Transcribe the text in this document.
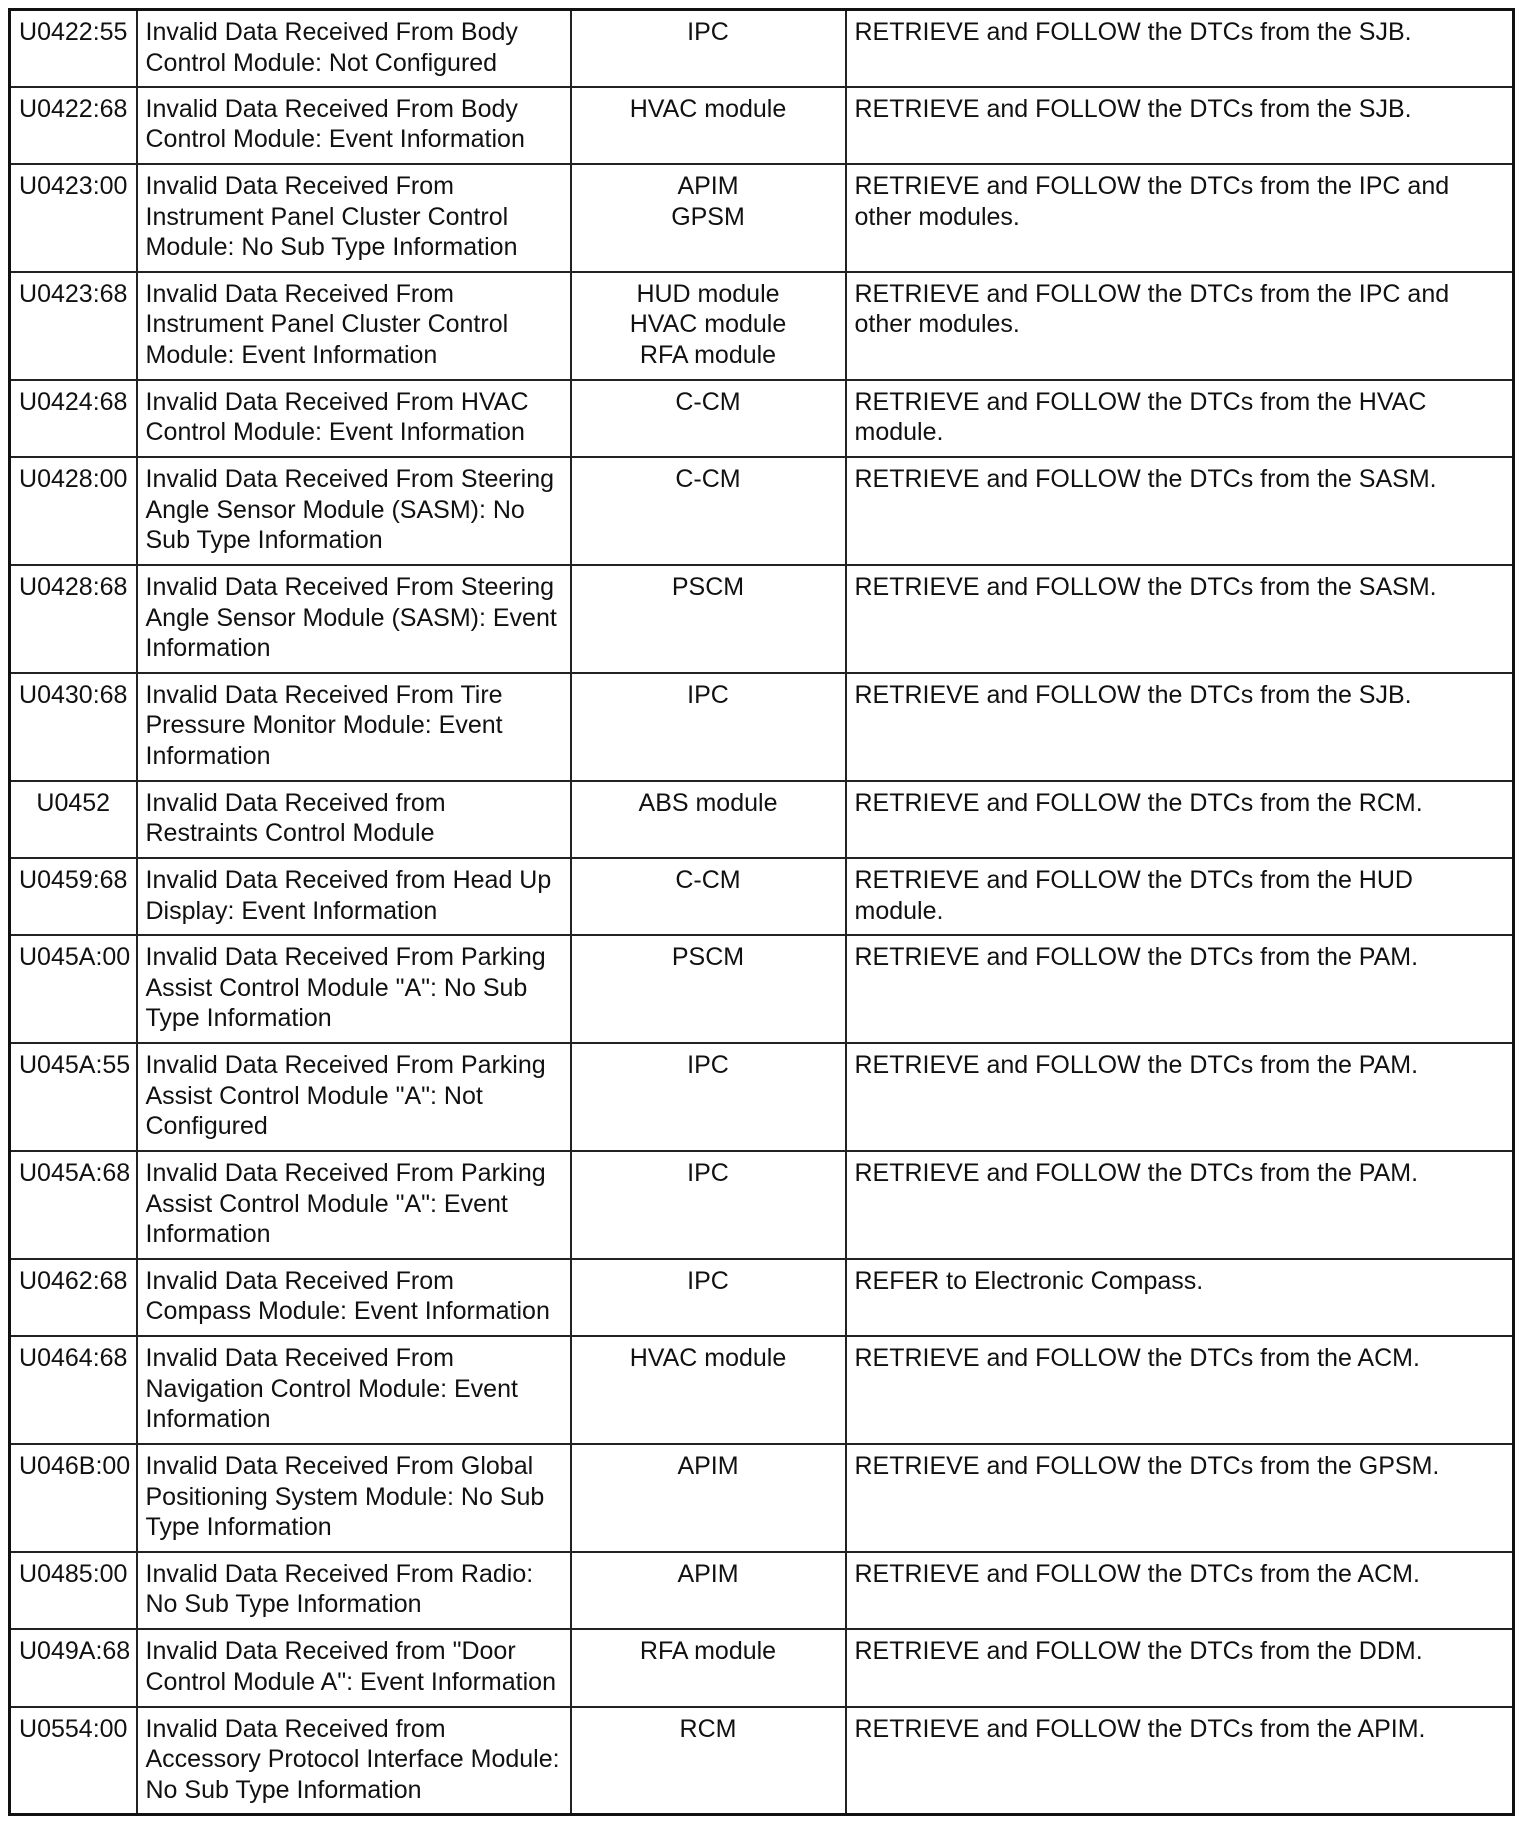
U0422:55	Invalid Data Received From Body
Control Module: Not Configured	IPC	RETRIEVE and FOLLOW the DTCs from the SJB.

U0422:68	Invalid Data Received From Body
Control Module: Event Information	HVAC module	RETRIEVE and FOLLOW the DTCs from the SJB.

U0423:00	Invalid Data Received From
Instrument Panel Cluster Control
Module: No Sub Type Information	APIM
GPSM	RETRIEVE and FOLLOW the DTCs from the IPC and
other modules.

U0423:68	Invalid Data Received From
Instrument Panel Cluster Control
Module: Event Information	HUD module
HVAC module
RFA module	RETRIEVE and FOLLOW the DTCs from the IPC and
other modules.

U0424:68	Invalid Data Received From HVAC
Control Module: Event Information	C-CM	RETRIEVE and FOLLOW the DTCs from the HVAC
module.

U0428:00	Invalid Data Received From Steering
Angle Sensor Module (SASM): No
Sub Type Information	C-CM	RETRIEVE and FOLLOW the DTCs from the SASM.

U0428:68	Invalid Data Received From Steering
Angle Sensor Module (SASM): Event
Information	PSCM	RETRIEVE and FOLLOW the DTCs from the SASM.

U0430:68	Invalid Data Received From Tire
Pressure Monitor Module: Event
Information	IPC	RETRIEVE and FOLLOW the DTCs from the SJB.

U0452	Invalid Data Received from
Restraints Control Module	ABS module	RETRIEVE and FOLLOW the DTCs from the RCM.

U0459:68	Invalid Data Received from Head Up
Display: Event Information	C-CM	RETRIEVE and FOLLOW the DTCs from the HUD
module.

U045A:00	Invalid Data Received From Parking
Assist Control Module "A": No Sub
Type Information	PSCM	RETRIEVE and FOLLOW the DTCs from the PAM.

U045A:55	Invalid Data Received From Parking
Assist Control Module "A": Not
Configured	IPC	RETRIEVE and FOLLOW the DTCs from the PAM.

U045A:68	Invalid Data Received From Parking
Assist Control Module "A": Event
Information	IPC	RETRIEVE and FOLLOW the DTCs from the PAM.

U0462:68	Invalid Data Received From
Compass Module: Event Information	IPC	REFER to Electronic Compass.

U0464:68	Invalid Data Received From
Navigation Control Module: Event
Information	HVAC module	RETRIEVE and FOLLOW the DTCs from the ACM.

U046B:00	Invalid Data Received From Global
Positioning System Module: No Sub
Type Information	APIM	RETRIEVE and FOLLOW the DTCs from the GPSM.

U0485:00	Invalid Data Received From Radio:
No Sub Type Information	APIM	RETRIEVE and FOLLOW the DTCs from the ACM.

U049A:68	Invalid Data Received from "Door
Control Module A": Event Information	RFA module	RETRIEVE and FOLLOW the DTCs from the DDM.

U0554:00	Invalid Data Received from
Accessory Protocol Interface Module:
No Sub Type Information	RCM	RETRIEVE and FOLLOW the DTCs from the APIM.
